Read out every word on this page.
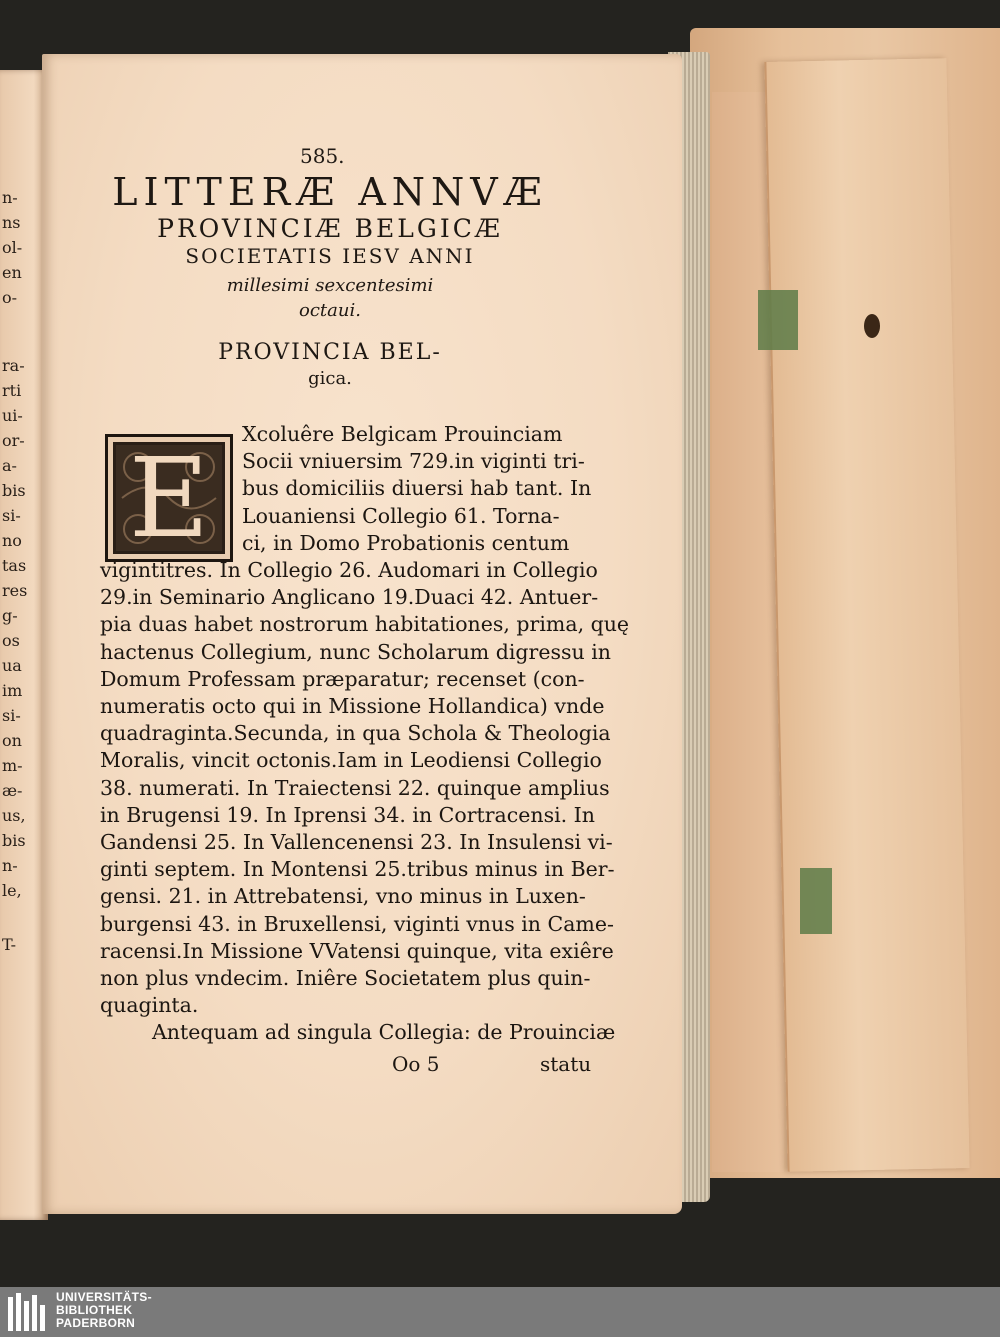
n-
ns
ol-
en
o-
ra-
rti
ui-
or-
a-
bis
si-
no
tas
res
g-
os
ua
im
si-
on
m-
æ-
us,
bis
n-
le,
T-
585.
LITTERÆ ANNVÆ
PROVINCIÆ BELGICÆ
SOCIETATIS IESV ANNI
millesimi sexcentesimi
octaui.
PROVINCIA BEL-
gica.
E	Xcoluêre Belgicam Prouinciam
Socii vniuersim 729.in viginti tri-
bus domiciliis diuersi hab tant. In
Louaniensi Collegio 61. Torna-
ci, in Domo Probationis centum
vigintitres. In Collegio 26. Audomari in Collegio
29.in Seminario Anglicano 19.Duaci 42. Antuer-
pia duas habet nostrorum habitationes, prima, quę
hactenus Collegium, nunc Scholarum digressu in
Domum Professam præparatur; recenset (con-
numeratis octo qui in Missione Hollandica) vnde
quadraginta.Secunda, in qua Schola & Theologia
Moralis, vincit octonis.Iam in Leodiensi Collegio
38. numerati. In Traiectensi 22. quinque amplius
in Brugensi 19. In Iprensi 34. in Cortracensi. In
Gandensi 25. In Vallencenensi 23. In Insulensi vi-
ginti septem. In Montensi 25.tribus minus in Ber-
gensi. 21. in Attrebatensi, vno minus in Luxen-
burgensi 43. in Bruxellensi, viginti vnus in Came-
racensi.In Missione VVatensi quinque, vita exiêre
non plus vndecim. Iniêre Societatem plus quin-
quaginta.
Antequam ad singula Collegia: de Prouinciæ
Oo 5	statu
UNIVERSITÄTS-
BIBLIOTHEK
PADERBORN
